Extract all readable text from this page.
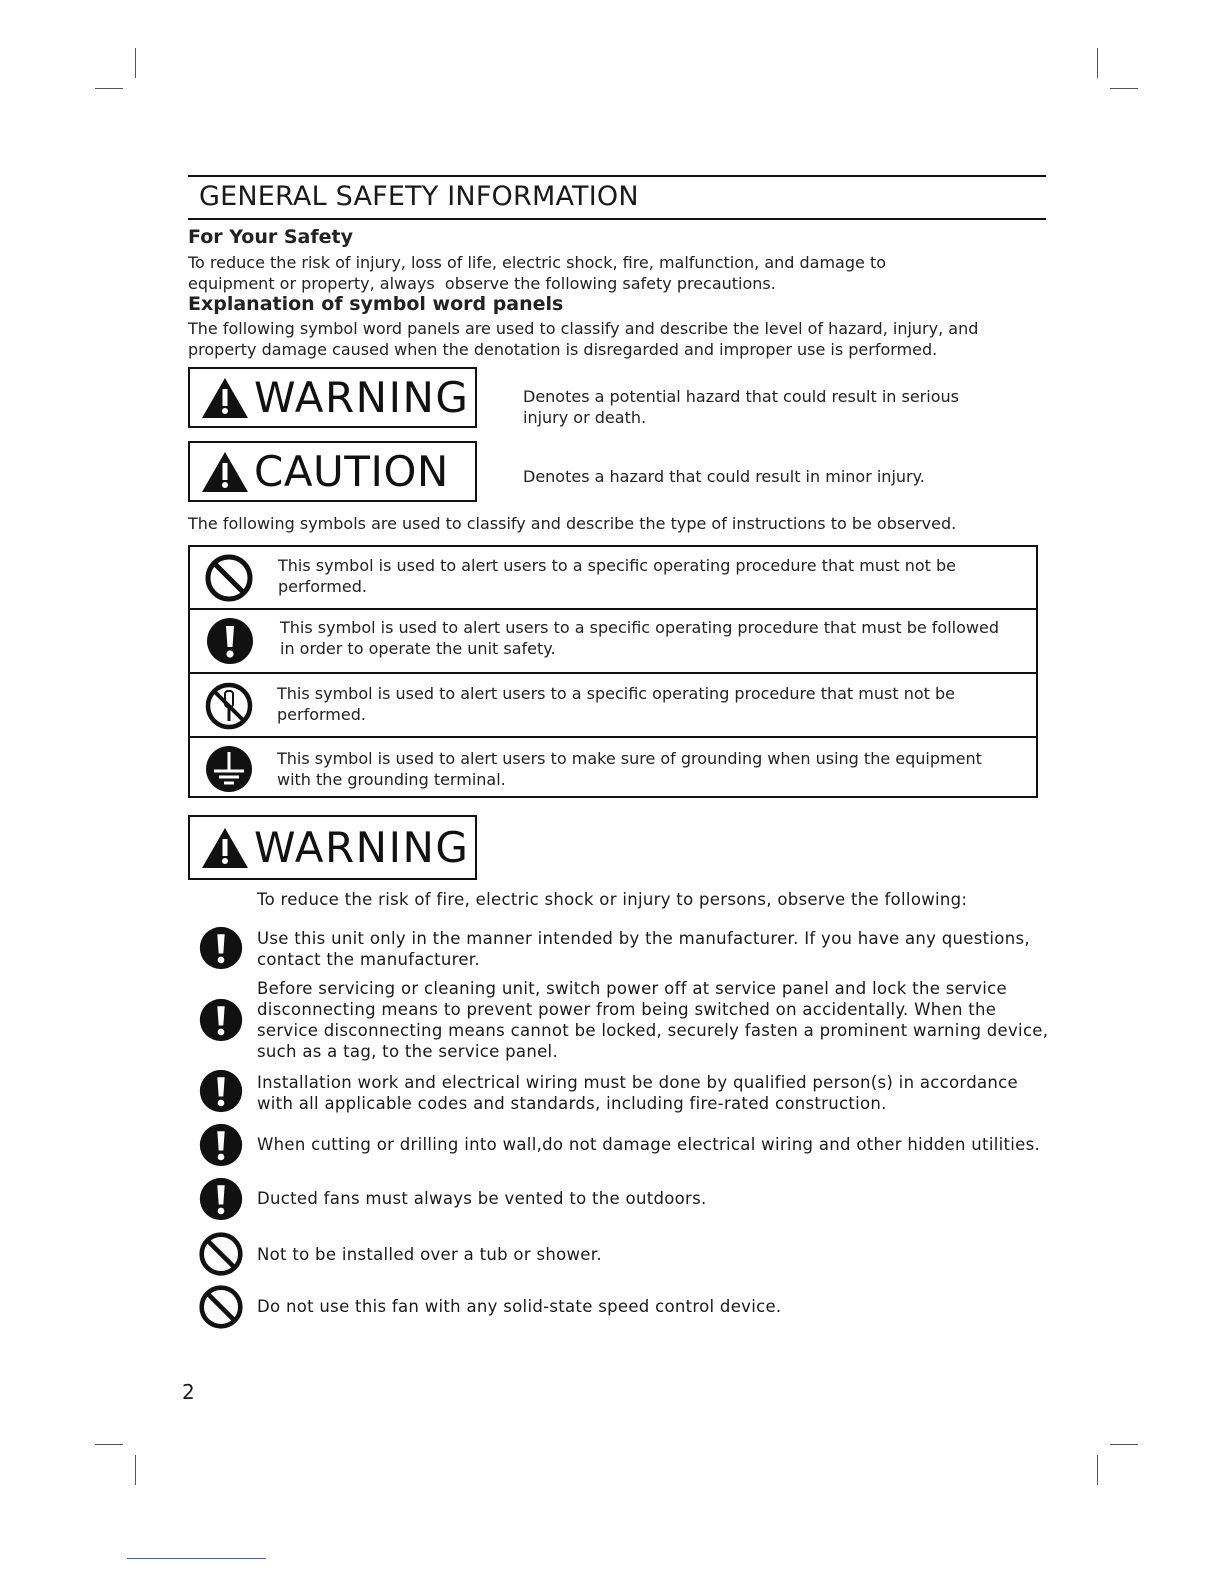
GENERAL SAFETY INFORMATION
For Your Safety
To reduce the risk of injury, loss of life, electric shock, fire, malfunction, and damage to
equipment or property, always  observe the following safety precautions.
Explanation of symbol word panels
The following symbol word panels are used to classify and describe the level of hazard, injury, and
property damage caused when the denotation is disregarded and improper use is performed.
WARNING	Denotes a potential hazard that could result in serious
injury or death.
CAUTION	Denotes a hazard that could result in minor injury.
The following symbols are used to classify and describe the type of instructions to be observed.
This symbol is used to alert users to a specific operating procedure that must not be
performed.
This symbol is used to alert users to a specific operating procedure that must be followed
in order to operate the unit safety.
This symbol is used to alert users to a specific operating procedure that must not be
performed.
This symbol is used to alert users to make sure of grounding when using the equipment
with the grounding terminal.
WARNING
To reduce the risk of fire, electric shock or injury to persons, observe the following:
Use this unit only in the manner intended by the manufacturer. If you have any questions,
contact the manufacturer.
Before servicing or cleaning unit, switch power off at service panel and lock the service
disconnecting means to prevent power from being switched on accidentally. When the
service disconnecting means cannot be locked, securely fasten a prominent warning device,
such as a tag, to the service panel.
Installation work and electrical wiring must be done by qualified person(s) in accordance
with all applicable codes and standards, including fire-rated construction.
When cutting or drilling into wall,do not damage electrical wiring and other hidden utilities.
Ducted fans must always be vented to the outdoors.
Not to be installed over a tub or shower.
Do not use this fan with any solid-state speed control device.
2
